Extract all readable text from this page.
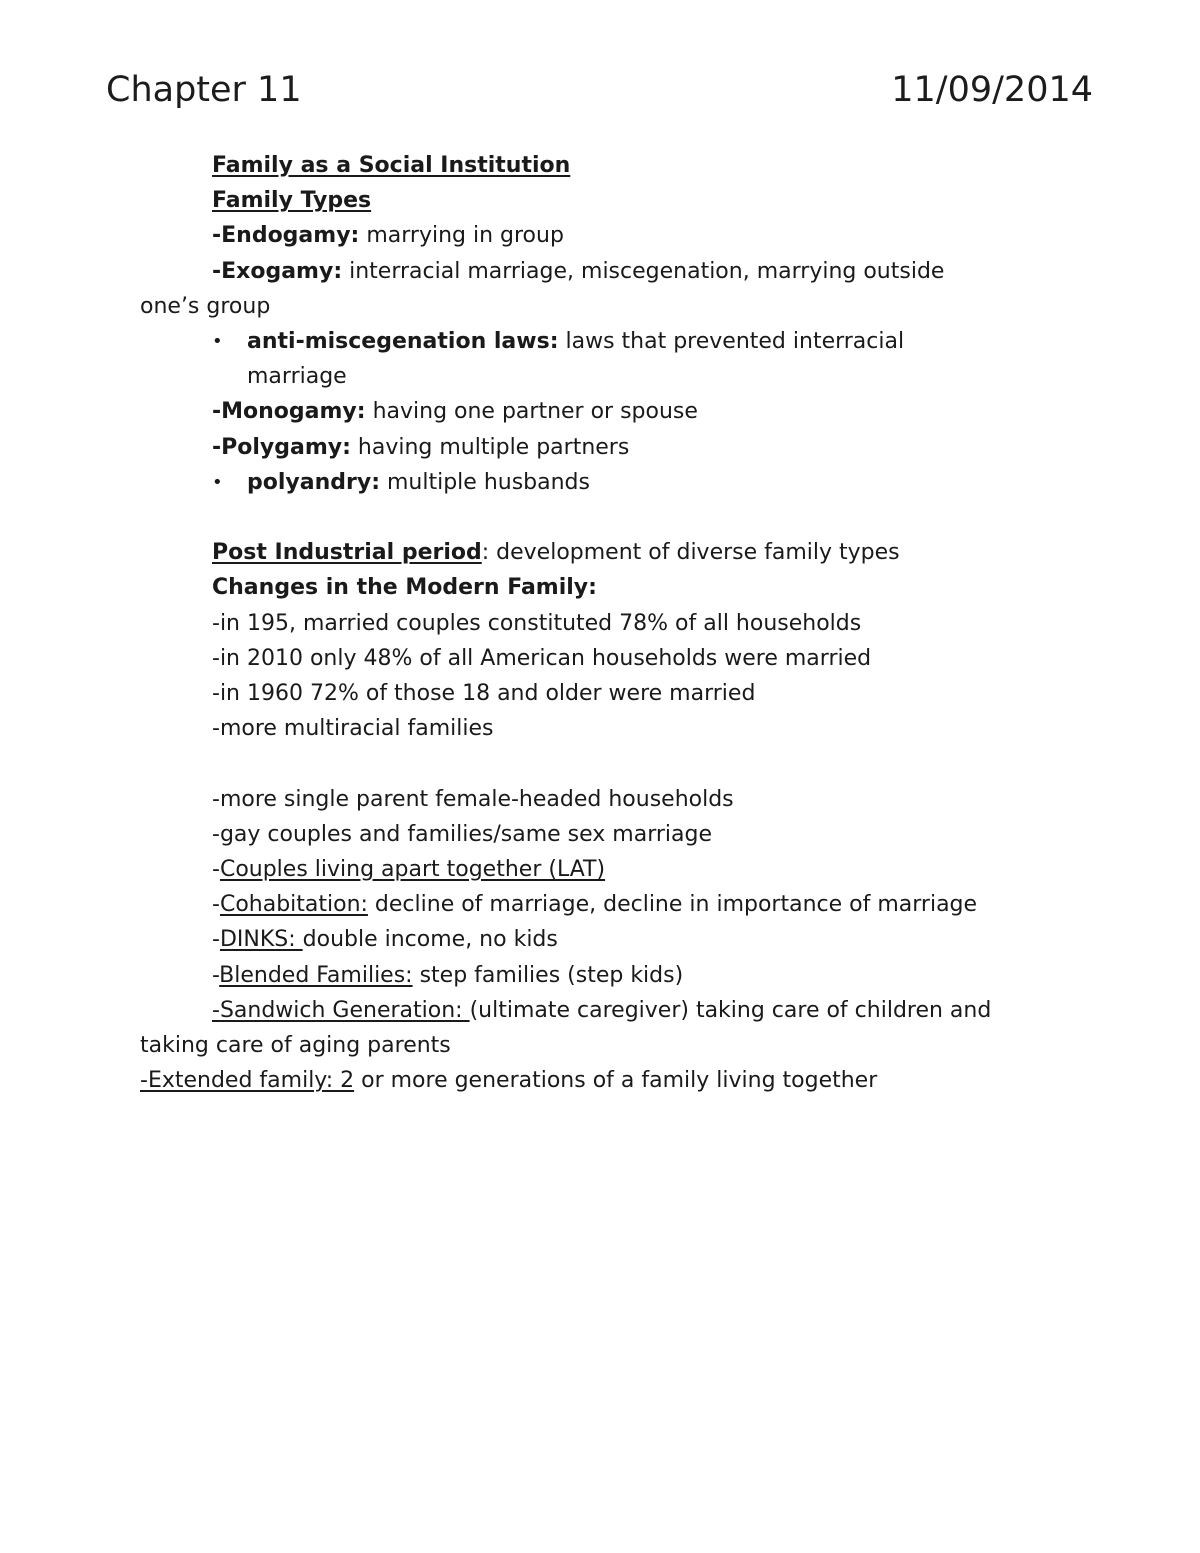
Chapter 11	11/09/2014
Family as a Social Institution
Family Types
-Endogamy: marrying in group
-Exogamy: interracial marriage, miscegenation, marrying outside
one’s group
• anti-miscegenation laws: laws that prevented interracial
marriage
-Monogamy: having one partner or spouse
-Polygamy: having multiple partners
• polyandry: multiple husbands
Post Industrial period: development of diverse family types
Changes in the Modern Family:
-in 195, married couples constituted 78% of all households
-in 2010 only 48% of all American households were married
-in 1960 72% of those 18 and older were married
-more multiracial families
-more single parent female-headed households
-gay couples and families/same sex marriage
-Couples living apart together (LAT)
-Cohabitation: decline of marriage, decline in importance of marriage
-DINKS: double income, no kids
-Blended Families: step families (step kids)
-Sandwich Generation: (ultimate caregiver) taking care of children and
taking care of aging parents
-Extended family: 2 or more generations of a family living together
